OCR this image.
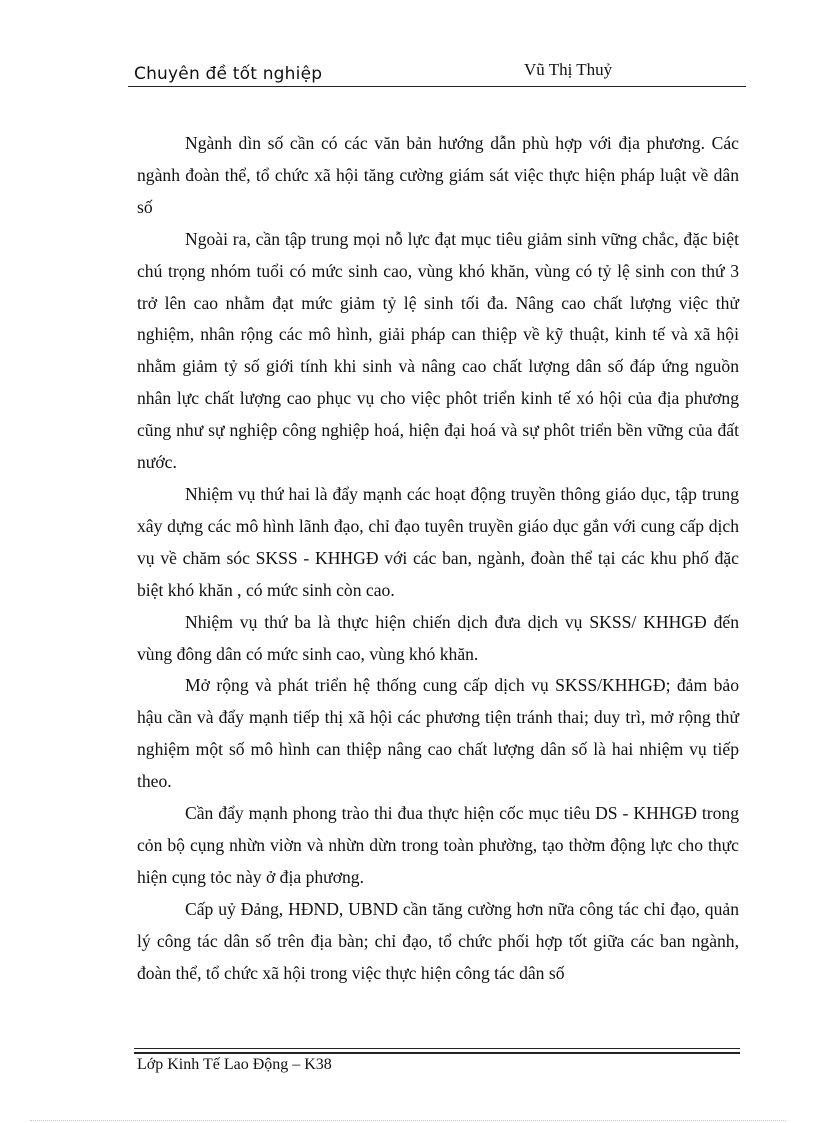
Chuyên đề tốt nghiệp	Vũ Thị Thuỷ

Ngành dìn số cần có các văn bản hướng dẫn phù hợp với địa phương. Các ngành đoàn thể, tổ chức xã hội tăng cường giám sát việc thực hiện pháp luật về dân số

Ngoài ra, cần tập trung mọi nỗ lực đạt mục tiêu giảm sinh vững chắc, đặc biệt chú trọng nhóm tuổi có mức sinh cao, vùng khó khăn, vùng có tỷ lệ sinh con thứ 3 trở lên cao nhằm đạt mức giảm tỷ lệ sinh tối đa. Nâng cao chất lượng việc thử nghiệm, nhân rộng các mô hình, giải pháp can thiệp về kỹ thuật, kinh tế và xã hội nhằm giảm tỷ số giới tính khi sinh và nâng cao chất lượng dân số đáp ứng nguồn nhân lực chất lượng cao phục vụ cho việc phôt triển kinh tế xó hội của địa phương cũng như sự nghiệp công nghiệp hoá, hiện đại hoá và sự phôt triển bền vững của đất nước.

Nhiệm vụ thứ hai là đẩy mạnh các hoạt động truyền thông giáo dục, tập trung xây dựng các mô hình lãnh đạo, chỉ đạo tuyên truyền giáo dục gắn với cung cấp dịch vụ về chăm sóc SKSS - KHHGĐ với các ban, ngành, đoàn thể tại các khu phố đặc biệt khó khăn , có mức sinh còn cao.

Nhiệm vụ thứ ba là thực hiện chiến dịch đưa dịch vụ SKSS/ KHHGĐ đến vùng đông dân có mức sinh cao, vùng khó khăn.

Mở rộng và phát triển hệ thống cung cấp dịch vụ SKSS/KHHGĐ; đảm bảo hậu cần và đẩy mạnh tiếp thị xã hội các phương tiện tránh thai; duy trì, mở rộng thử nghiệm một số mô hình can thiệp nâng cao chất lượng dân số là hai nhiệm vụ tiếp theo.

Cần đẩy mạnh phong trào thi đua thực hiện cốc mục tiêu DS - KHHGĐ trong cỏn bộ cụng nhừn viờn và nhừn dừn trong toàn phường, tạo thờm động lực cho thực hiện cụng tỏc này ở địa phương.

Cấp uỷ Đảng, HĐND, UBND cần tăng cường hơn nữa công tác chỉ đạo, quản lý công tác dân số trên địa bàn; chỉ đạo, tổ chức phối hợp tốt giữa các ban ngành, đoàn thể, tổ chức xã hội trong việc thực hiện công tác dân số

Lớp Kinh Tế Lao Động – K38
